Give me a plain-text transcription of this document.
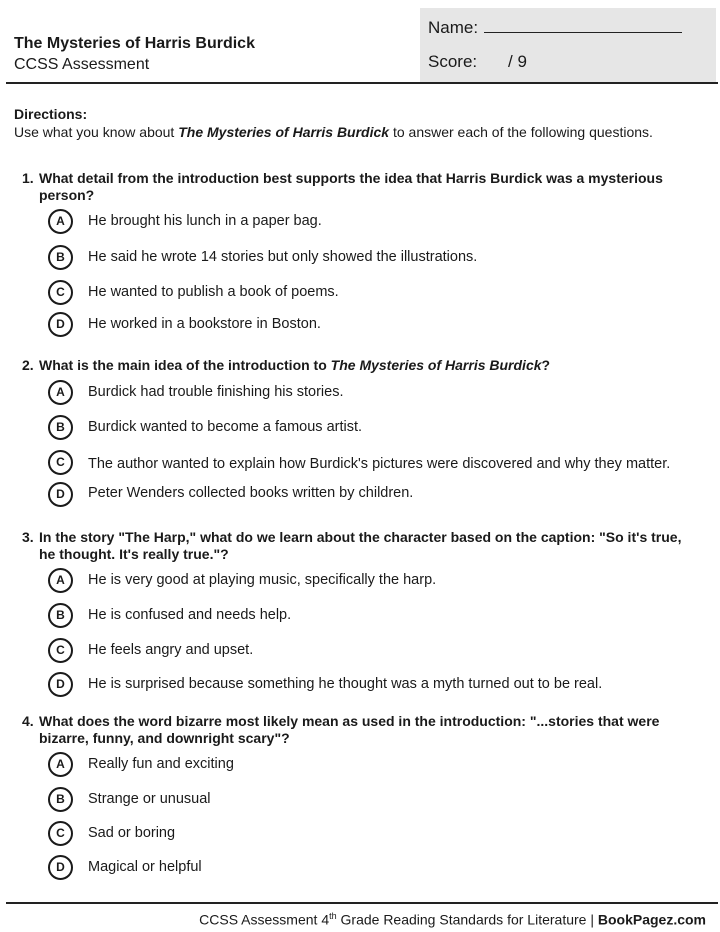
The Mysteries of Harris Burdick
CCSS Assessment
Name:
Score: / 9
Directions:
Use what you know about The Mysteries of Harris Burdick to answer each of the following questions.
1. What detail from the introduction best supports the idea that Harris Burdick was a mysterious person?
A	He brought his lunch in a paper bag.
B	He said he wrote 14 stories but only showed the illustrations.
C	He wanted to publish a book of poems.
D	He worked in a bookstore in Boston.
2. What is the main idea of the introduction to The Mysteries of Harris Burdick?
A	Burdick had trouble finishing his stories.
B	Burdick wanted to become a famous artist.
C	The author wanted to explain how Burdick's pictures were discovered and why they matter.
D	Peter Wenders collected books written by children.
3. In the story "The Harp," what do we learn about the character based on the caption: "So it's true, he thought. It's really true."?
A	He is very good at playing music, specifically the harp.
B	He is confused and needs help.
C	He feels angry and upset.
D	He is surprised because something he thought was a myth turned out to be real.
4. What does the word bizarre most likely mean as used in the introduction: "...stories that were bizarre, funny, and downright scary"?
A	Really fun and exciting
B	Strange or unusual
C	Sad or boring
D	Magical or helpful
CCSS Assessment 4th Grade Reading Standards for Literature | BookPagez.com
